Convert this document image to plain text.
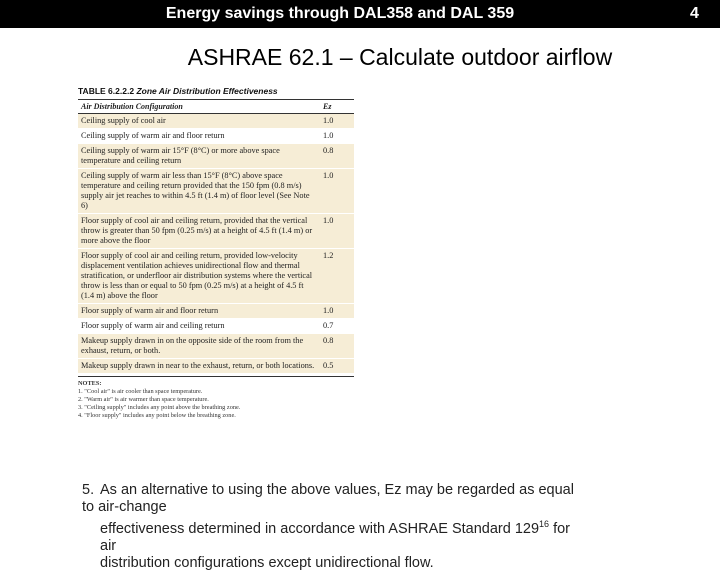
Energy savings through DAL358 and DAL 359	4
ASHRAE 62.1 – Calculate outdoor airflow
TABLE 6.2.2.2 Zone Air Distribution Effectiveness
Air Distribution Configuration	Ez
Ceiling supply of cool air	1.0
Ceiling supply of warm air and floor return	1.0
Ceiling supply of warm air 15°F (8°C) or more above space temperature and ceiling return	0.8
Ceiling supply of warm air less than 15°F (8°C) above space temperature and ceiling return provided that the 150 fpm (0.8 m/s) supply air jet reaches to within 4.5 ft (1.4 m) of floor level (See Note 6)	1.0
Floor supply of cool air and ceiling return, provided that the vertical throw is greater than 50 fpm (0.25 m/s) at a height of 4.5 ft (1.4 m) or more above the floor	1.0
Floor supply of cool air and ceiling return, provided low-velocity displacement ventilation achieves unidirectional flow and thermal stratification, or underfloor air distribution systems where the vertical throw is less than or equal to 50 fpm (0.25 m/s) at a height of 4.5 ft (1.4 m) above the floor	1.2
Floor supply of warm air and floor return	1.0
Floor supply of warm air and ceiling return	0.7
Makeup supply drawn in on the opposite side of the room from the exhaust, return, or both.	0.8
Makeup supply drawn in near to the exhaust, return, or both locations.	0.5
NOTES:
1. "Cool air" is air cooler than space temperature.
2. "Warm air" is air warmer than space temperature.
3. "Ceiling supply" includes any point above the breathing zone.
4. "Floor supply" includes any point below the breathing zone.
5. As an alternative to using the above values, Ez may be regarded as equal to air-change
effectiveness determined in accordance with ASHRAE Standard $129^{16}$ for air
distribution configurations except unidirectional flow.
